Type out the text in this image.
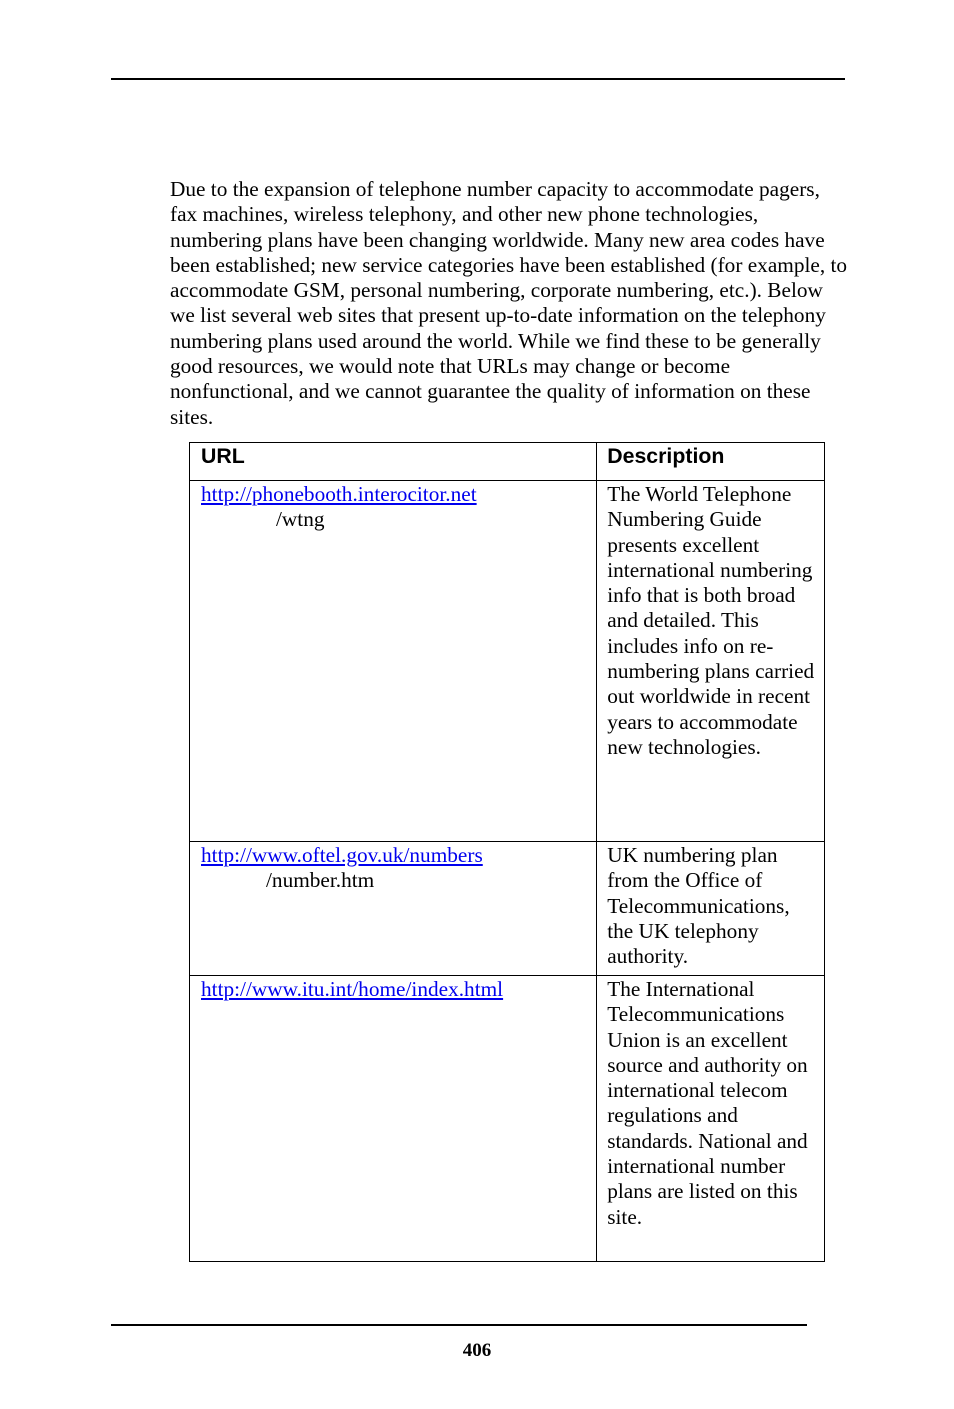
Due to the expansion of telephone number capacity to accommodate pagers, fax machines, wireless telephony, and other new phone technologies, numbering plans have been changing worldwide. Many new area codes have been established; new service categories have been established (for example, to accommodate GSM, personal numbering, corporate numbering, etc.). Below we list several web sites that present up-to-date information on the telephony numbering plans used around the world. While we find these to be generally good resources, we would note that URLs may change or become nonfunctional, and we cannot guarantee the quality of information on these sites.

URL	Description

http://phonebooth.interocitor.net
/wtng	The World Telephone Numbering Guide presents excellent international numbering info that is both broad and detailed. This includes info on re-numbering plans carried out worldwide in recent years to accommodate new technologies.

http://www.oftel.gov.uk/numbers
/number.htm	UK numbering plan from the Office of Telecommunications, the UK telephony authority.

http://www.itu.int/home/index.html	The International Telecommunications Union is an excellent source and authority on international telecom regulations and standards. National and international number plans are listed on this site.
406
